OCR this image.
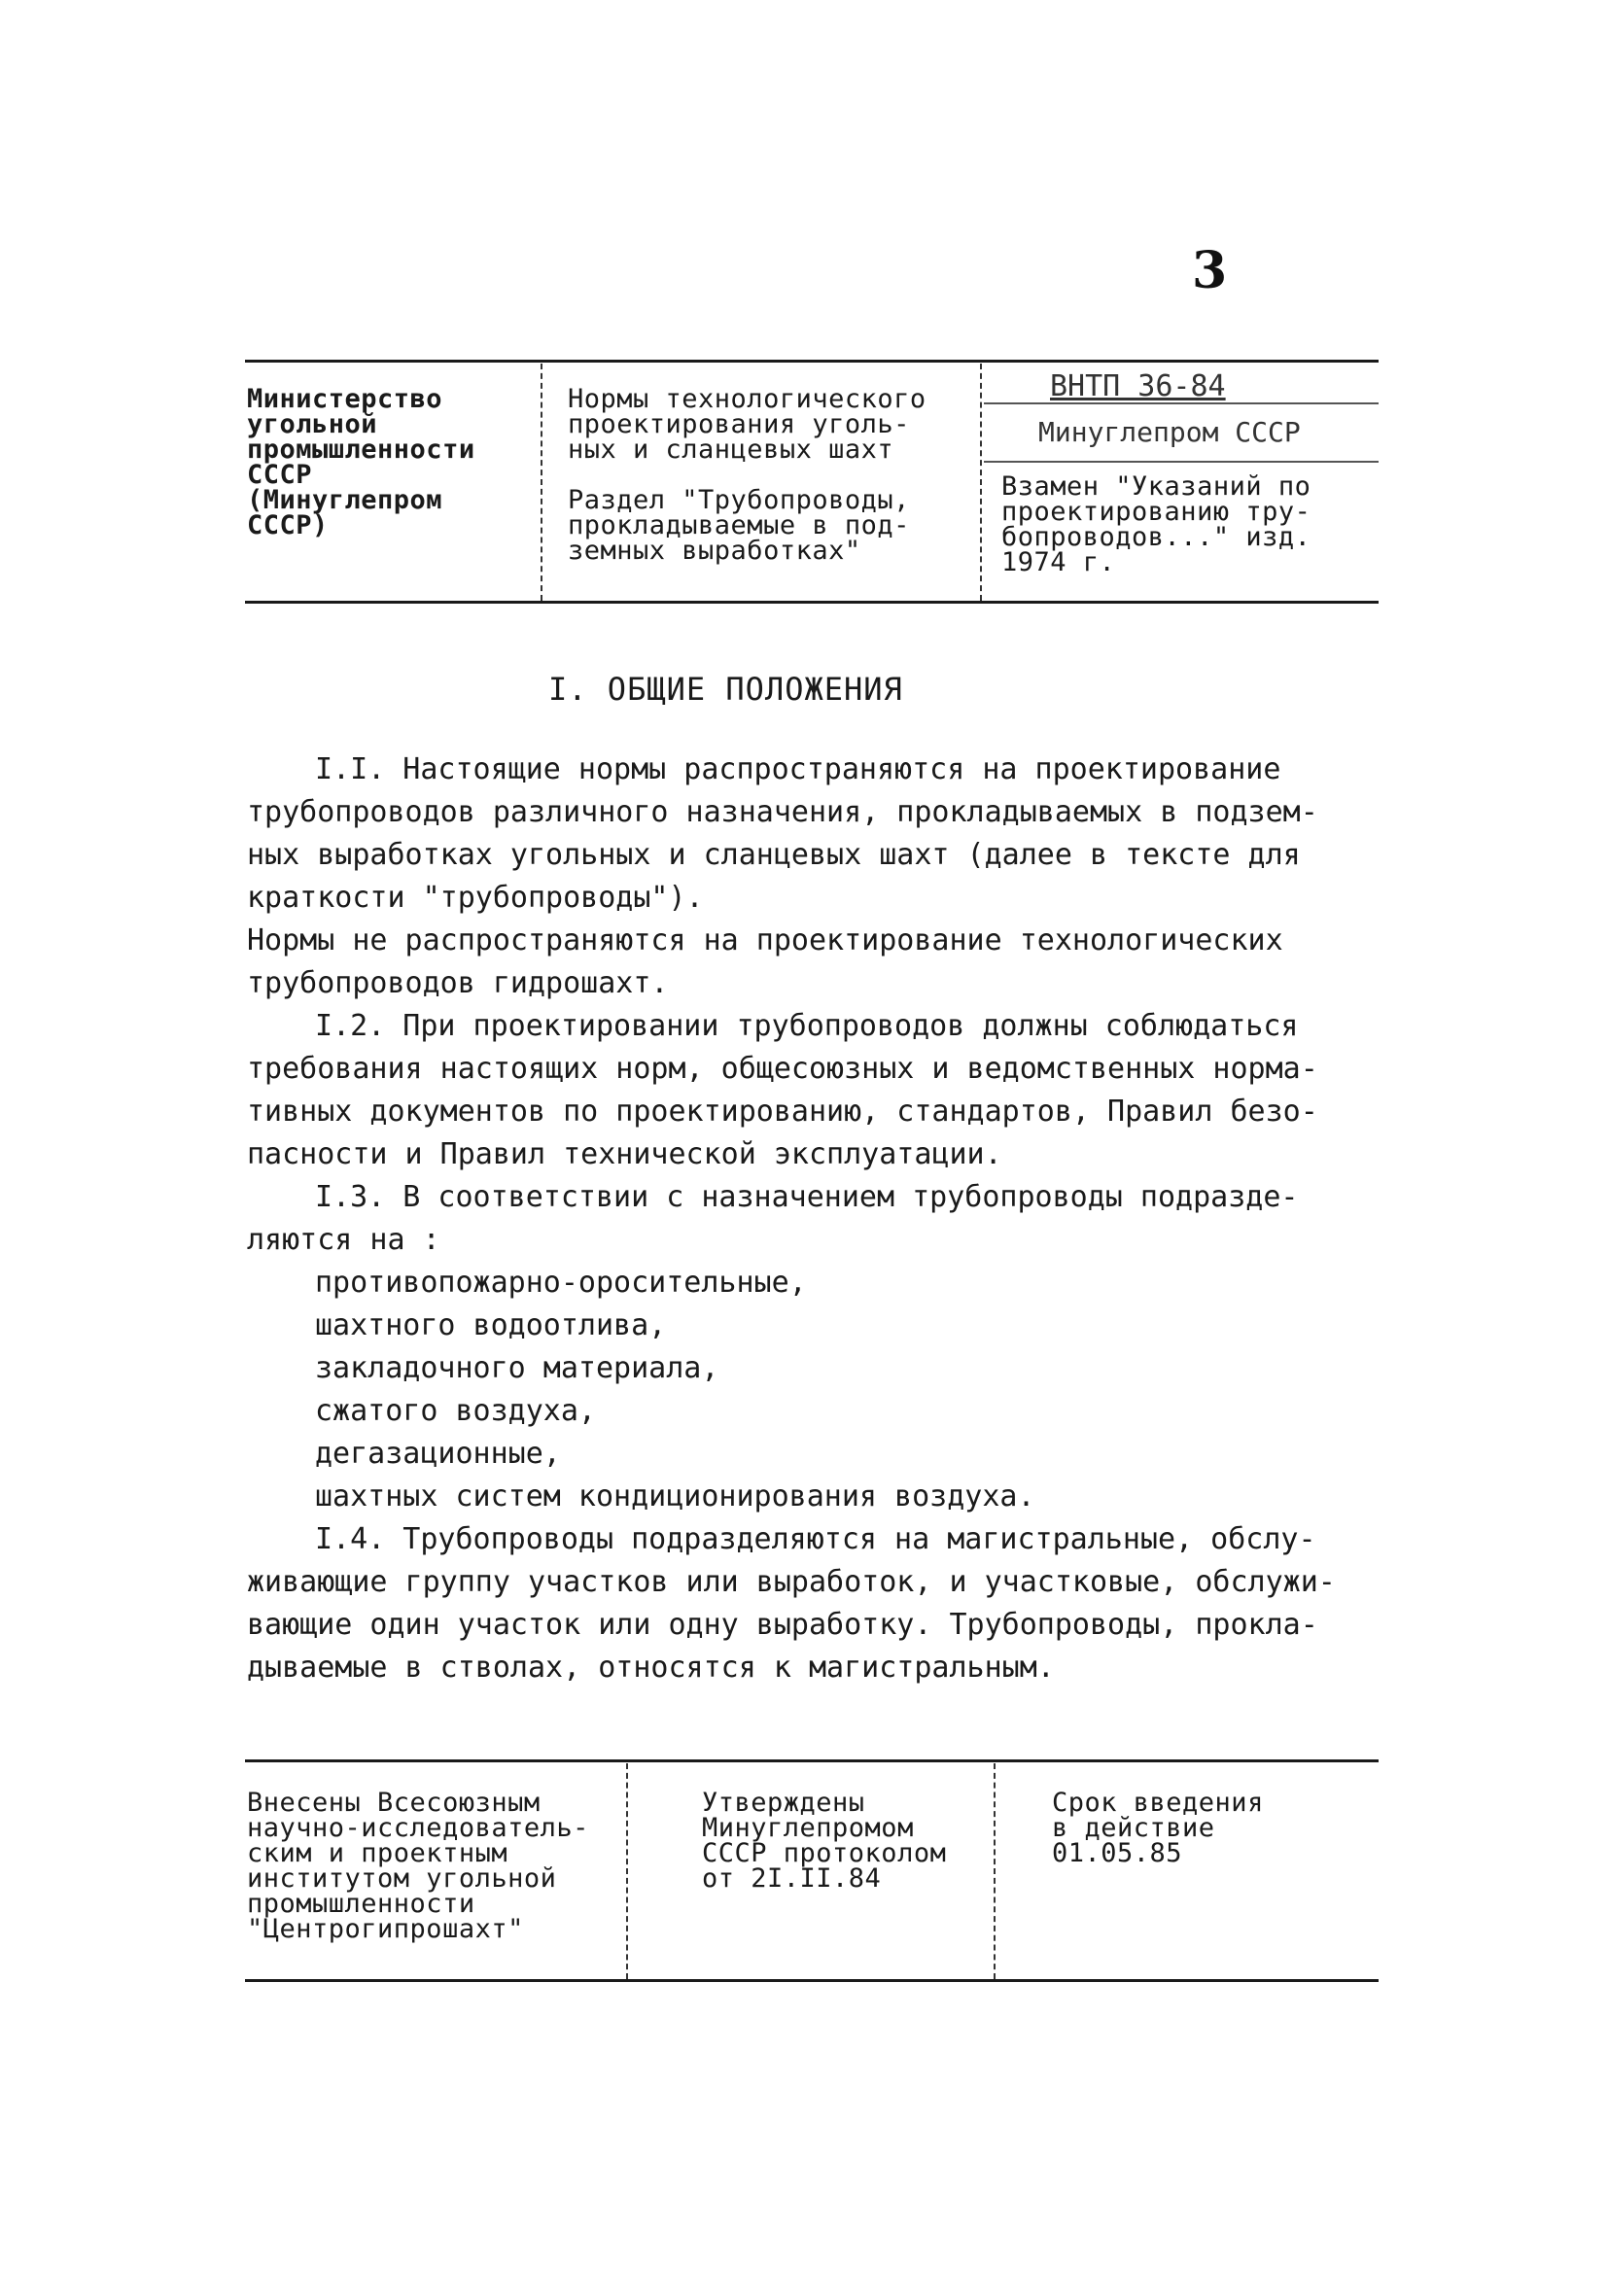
3
Министерство
угольной
промышленности
СССР
(Минуглепром
СССР)
Нормы технологического
проектирования уголь-
ных и сланцевых шахт
Раздел "Трубопроводы,
прокладываемые в под-
земных выработках"
ВНТП 36-84
Минуглепром СССР
Взамен "Указаний по
проектированию тру-
бопроводов..." изд.
1974 г.
I. ОБЩИЕ ПОЛОЖЕНИЯ

I.I. Настоящие нормы распространяются на проектирование
трубопроводов различного назначения, прокладываемых в подзем-
ных выработках угольных и сланцевых шахт (далее в тексте для
краткости "трубопроводы").

Нормы не распространяются на проектирование технологических
трубопроводов гидрошахт.

I.2. При проектировании трубопроводов должны соблюдаться
требования настоящих норм, общесоюзных и ведомственных норма-
тивных документов по проектированию, стандартов, Правил безо-
пасности и Правил технической эксплуатации.

I.3. В соответствии с назначением трубопроводы подразде-
ляются на :

противопожарно-оросительные,

шахтного водоотлива,

закладочного материала,

сжатого воздуха,

дегазационные,

шахтных систем кондиционирования воздуха.

I.4. Трубопроводы подразделяются на магистральные, обслу-
живающие группу участков или выработок, и участковые, обслужи-
вающие один участок или одну выработку. Трубопроводы, прокла-
дываемые в стволах, относятся к магистральным.

Внесены Всесоюзным
научно-исследователь-
ским и проектным
институтом угольной
промышленности
"Центрогипрошахт"
Утверждены
Минуглепромом
СССР протоколом
от 2I.II.84
Срок введения
в действие
01.05.85
